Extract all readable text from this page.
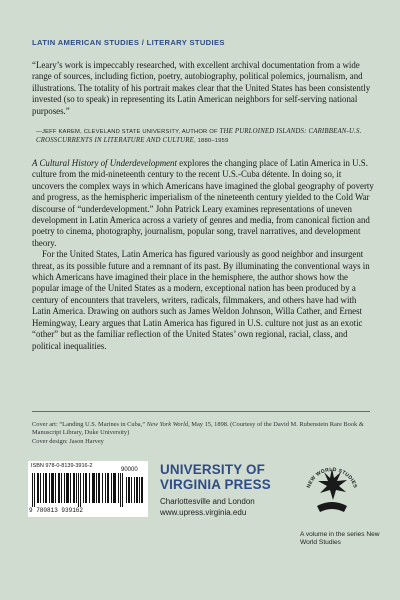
LATIN AMERICAN STUDIES / LITERARY STUDIES
“Leary’s work is impeccably researched, with excellent archival documentation from a wide range of sources, including fiction, poetry, autobiography, political polemics, journalism, and illustrations. The totality of his portrait makes clear that the United States has been consistently invested (so to speak) in representing its Latin American neighbors for self-serving national purposes.”
—JEFF KAREM, CLEVELAND STATE UNIVERSITY, AUTHOR OF THE PURLOINED ISLANDS: CARIBBEAN-U.S. CROSSCURRENTS IN LITERATURE AND CULTURE, 1880–1959

A Cultural History of Underdevelopment explores the changing place of Latin America in U.S. culture from the mid-nineteenth century to the recent U.S.-Cuba détente. In doing so, it uncovers the complex ways in which Americans have imagined the global geography of poverty and progress, as the hemispheric imperialism of the nineteenth century yielded to the Cold War discourse of “underdevelopment.” John Patrick Leary examines representations of uneven development in Latin America across a variety of genres and media, from canonical fiction and poetry to cinema, photography, journalism, popular song, travel narratives, and development theory.

For the United States, Latin America has figured variously as good neighbor and insurgent threat, as its possible future and a remnant of its past. By illuminating the conventional ways in which Americans have imagined their place in the hemisphere, the author shows how the popular image of the United States as a modern, exceptional nation has been produced by a century of encounters that travelers, writers, radicals, filmmakers, and others have had with Latin America. Drawing on authors such as James Weldon Johnson, Willa Cather, and Ernest Hemingway, Leary argues that Latin America has figured in U.S. culture not just as an exotic “other” but as the familiar reflection of the United States’ own regional, racial, class, and political inequalities.

Cover art: “Landing U.S. Marines in Cuba,” New York World, May 15, 1898. (Courtesy of the David M. Rubenstein Rare Book & Manuscript Library, Duke University)
Cover design: Jason Harvey
ISBN 978-0-8139-3916-2
90000
9 780813 939162
UNIVERSITY OF
VIRGINIA PRESS
Charlottesville and London
www.upress.virginia.edu
NEW WORLD STUDIES
A volume in the series New World Studies
